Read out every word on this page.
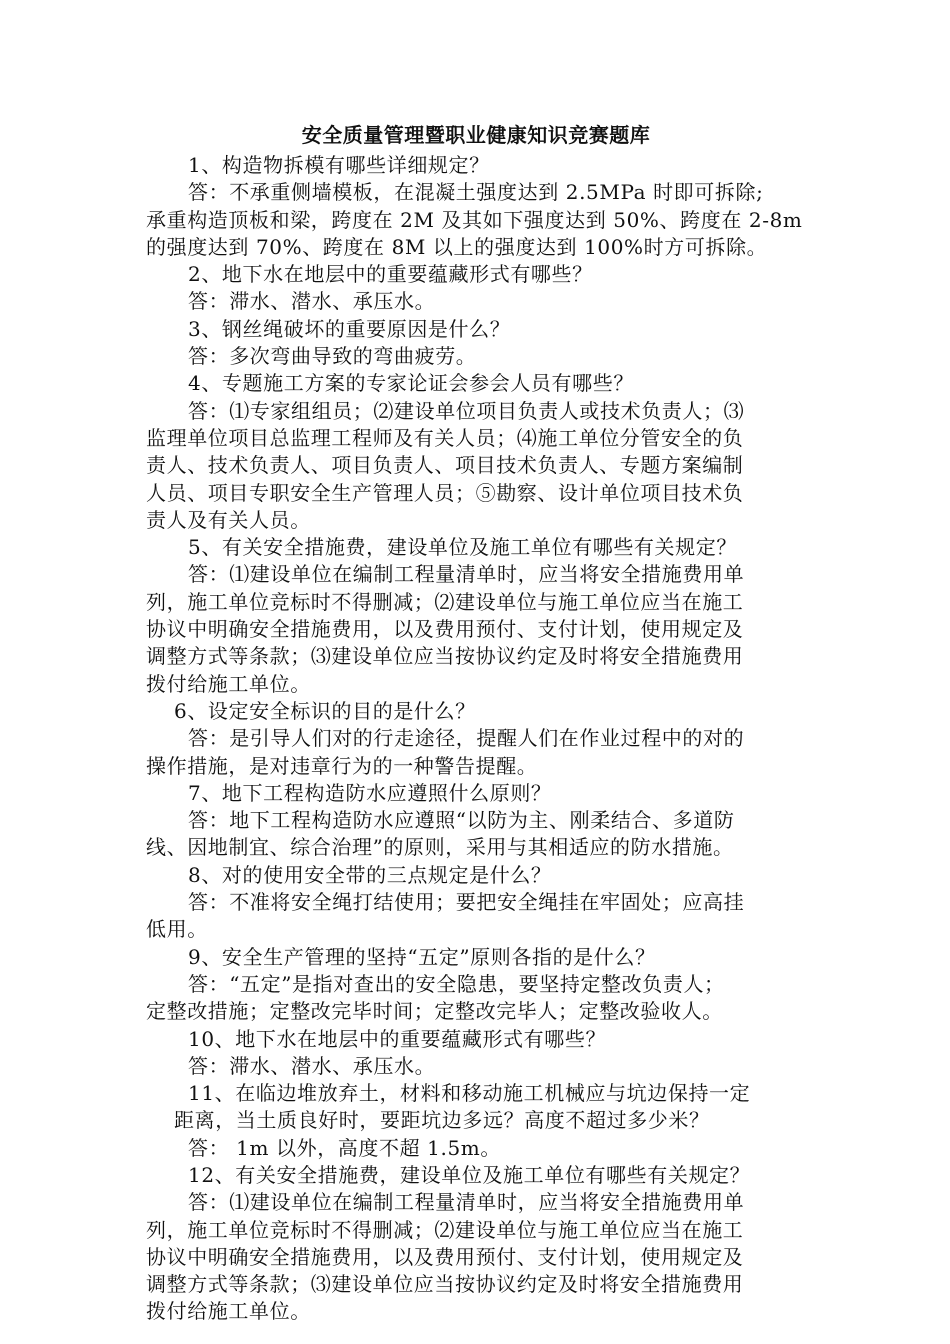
安全质量管理暨职业健康知识竞赛题库

1、构造物拆模有哪些详细规定？

答：不承重侧墙模板，在混凝土强度达到 2.5MPa 时即可拆除;

承重构造顶板和梁，跨度在 2M 及其如下强度达到 50%、跨度在 2-8m

的强度达到 70%、跨度在 8M 以上的强度达到 100%时方可拆除。

2、地下水在地层中的重要蕴藏形式有哪些？

答：滞水、潜水、承压水。

3、钢丝绳破坏的重要原因是什么？

答：多次弯曲导致的弯曲疲劳。

4、专题施工方案的专家论证会参会人员有哪些？

答：⑴专家组组员；⑵建设单位项目负责人或技术负责人；⑶

监理单位项目总监理工程师及有关人员；⑷施工单位分管安全的负

责人、技术负责人、项目负责人、项目技术负责人、专题方案编制

人员、项目专职安全生产管理人员；⑤勘察、设计单位项目技术负

责人及有关人员。

5、有关安全措施费，建设单位及施工单位有哪些有关规定？

答：⑴建设单位在编制工程量清单时，应当将安全措施费用单

列，施工单位竞标时不得删减；⑵建设单位与施工单位应当在施工

协议中明确安全措施费用，以及费用预付、支付计划，使用规定及

调整方式等条款；⑶建设单位应当按协议约定及时将安全措施费用

拨付给施工单位。

6、设定安全标识的目的是什么？

答：是引导人们对的行走途径，提醒人们在作业过程中的对的

操作措施，是对违章行为的一种警告提醒。

7、地下工程构造防水应遵照什么原则？

答：地下工程构造防水应遵照“以防为主、刚柔结合、多道防

线、因地制宜、综合治理”的原则，采用与其相适应的防水措施。

8、对的使用安全带的三点规定是什么？

答：不准将安全绳打结使用；要把安全绳挂在牢固处；应高挂

低用。

9、安全生产管理的坚持“五定”原则各指的是什么？

答：“五定”是指对查出的安全隐患，要坚持定整改负责人；

定整改措施；定整改完毕时间；定整改完毕人；定整改验收人。

10、地下水在地层中的重要蕴藏形式有哪些？

答：滞水、潜水、承压水。

11、在临边堆放弃土，材料和移动施工机械应与坑边保持一定

距离，当土质良好时，要距坑边多远？高度不超过多少米？

答： 1m 以外，高度不超 1.5m。

12、有关安全措施费，建设单位及施工单位有哪些有关规定？

答：⑴建设单位在编制工程量清单时，应当将安全措施费用单

列，施工单位竞标时不得删减；⑵建设单位与施工单位应当在施工

协议中明确安全措施费用，以及费用预付、支付计划，使用规定及

调整方式等条款；⑶建设单位应当按协议约定及时将安全措施费用

拨付给施工单位。
